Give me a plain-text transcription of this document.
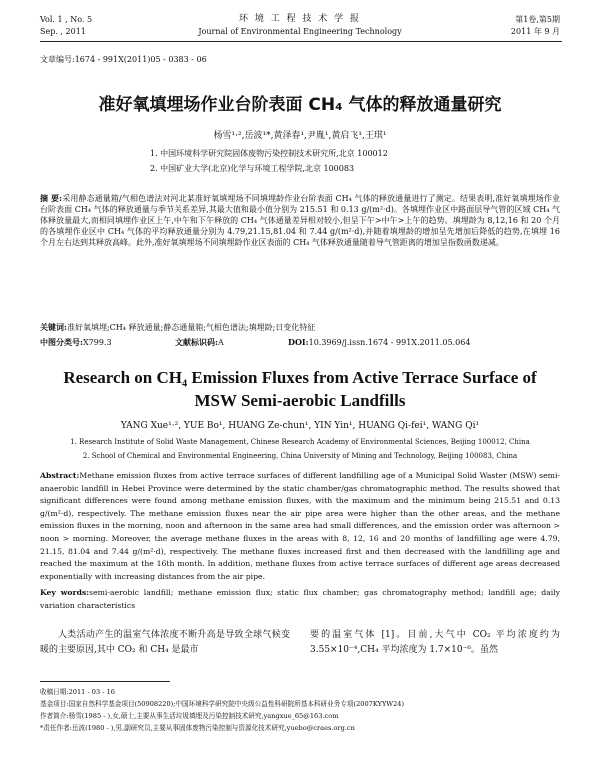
Vol. 1 , No. 5
Sep. , 2011
环 境 工 程 技 术 学 报
Journal of Environmental Engineering Technology
第1卷,第5期
2011 年 9 月
文章编号:1674 - 991X(2011)05 - 0383 - 06
准好氧填埋场作业台阶表面 CH₄ 气体的释放通量研究
杨雪¹·²,岳波¹*,黄泽春¹,尹胤¹,黄启飞¹,王琪¹
1. 中国环境科学研究院固体废物污染控制技术研究所,北京 100012
2. 中国矿业大学(北京)化学与环境工程学院,北京 100083
摘 要:采用静态通量箱/气相色谱法对河北某准好氧填埋场不同填埋龄作业台阶表面 CH₄ 气体的释放通量进行了测定。结果表明,准好氧填埋场作业台阶表面 CH₄ 气体的释放通量与季节关系差异,其最大值和最小值分别为 215.51 和 0.13 g/(m²·d)。各填埋作业区中路面层导气管的区域 CH₄ 气体释放量最大,而相同填埋作业区上午,中午和下午释放的 CH₄ 气体通量差异相对较小,但呈下午>中午>上午的趋势。填埋龄为 8,12,16 和 20 个月的各填埋作业区中 CH₄ 气体的平均释放通量分别为 4.79,21.15,81.04 和 7.44 g/(m²·d),并随着填埋龄的增加呈先增加后降低的趋势,在填埋 16 个月左右达到其释放高峰。此外,准好氧填埋场不同填埋龄作业区表面的 CH₄ 气体释放通量随着导气管距离的增加呈指数函数递减。
关键词:准好氧填埋;CH₄ 释放通量;静态通量箱;气相色谱法;填埋龄;日变化特征
中图分类号:X799.3	文献标识码:A	DOI:10.3969/j.issn.1674 - 991X.2011.05.064
Research on CH₄ Emission Fluxes from Active Terrace Surface of
MSW Semi-aerobic Landfills
YANG Xue¹·², YUE Bo¹, HUANG Ze-chun¹, YIN Yin¹, HUANG Qi-fei¹, WANG Qi¹
1. Research Institute of Solid Waste Management, Chinese Research Academy of Environmental Sciences, Beijing 100012, China
2. School of Chemical and Environmental Engineering, China University of Mining and Technology, Beijing 100083, China
Abstract:Methane emission fluxes from active terrace surfaces of different landfilling age of a Municipal Solid Waster (MSW) semi-anaerobic landfill in Hebei Province were determined by the static chamber/gas chromatographic method. The results showed that significant differences were found among methane emission fluxes, with the maximum and the minimum being 215.51 and 0.13 g/(m²·d), respectively. The methane emission fluxes near the air pipe area were higher than the other areas, and the methane emission fluxes in the morning, noon and afternoon in the same area had small differences, and the emission order was afternoon > noon > morning. Moreover, the average methane fluxes in the areas with 8, 12, 16 and 20 months of landfilling age were 4.79, 21.15, 81.04 and 7.44 g/(m²·d), respectively. The methane fluxes increased first and then decreased with the landfilling age and reached the maximum at the 16th month. In addition, methane fluxes from active terrace surfaces of different age areas decreased exponentially with increasing distances from the air pipe.
Key words:semi-aerobic landfill; methane emission flux; static flux chamber; gas chromatography method; landfill age; daily variation characteristics
人类活动产生的温室气体浓度不断升高是导致全球气候变暖的主要原因,其中 CO₂ 和 CH₄ 是最市
要的温室气体 [1]。目前,大气中 CO₂ 平均浓度约为 3.55×10⁻⁴,CH₄ 平均浓度为 1.7×10⁻⁶。虽然
收稿日期:2011 - 03 - 16
基金项目:国家自然科学基金项目(50908220);中国环境科学研究院中央级公益性科研院所基本科研业务专项(2007KYYW24)
作者简介:杨雪(1985 - ),女,硕士,主要从事生活垃圾填埋及污染控制技术研究,yangxue_65@163.com
*责任作者:岳波(1980 - ),男,副研究员,主要从事固体废物污染控制与资源化技术研究,yuebo@craes.org.cn
